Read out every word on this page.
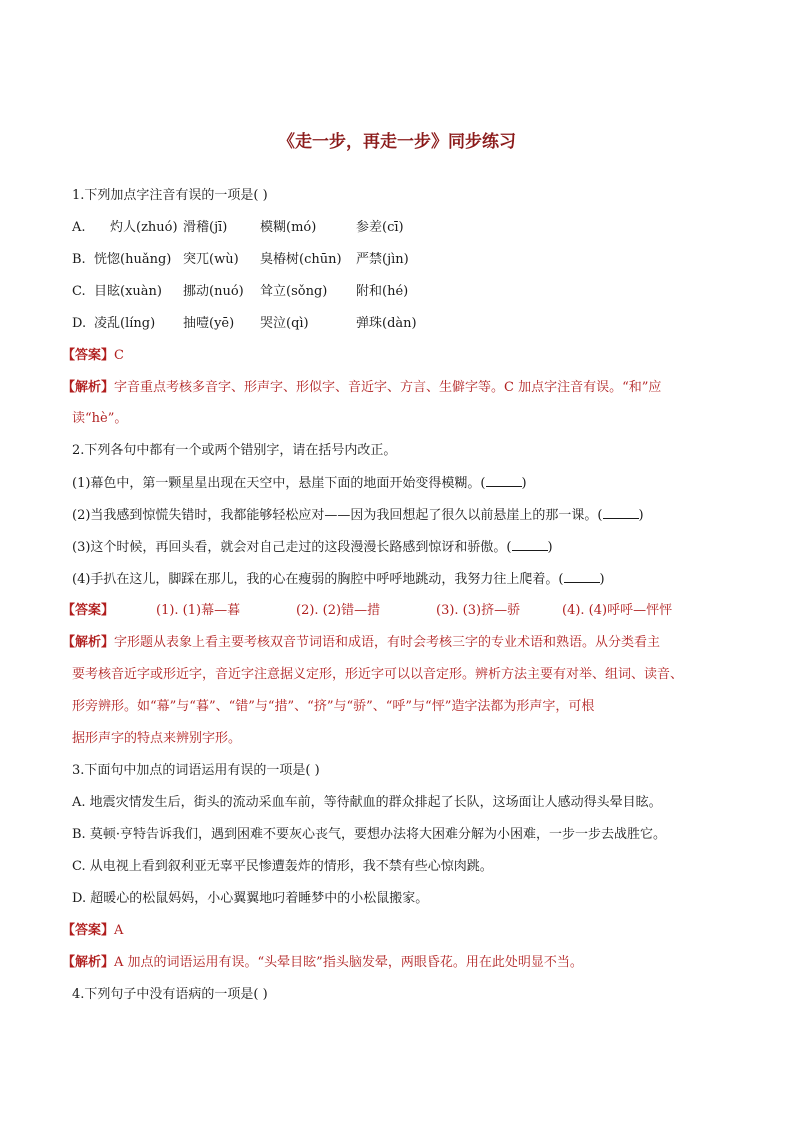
《走一步，再走一步》同步练习
1.下列加点字注音有误的一项是( )
A. 灼人(zhuó) 滑稽(jī)	模糊(mó)	参差(cī)
B. 恍惚(huǎng) 突兀(wù) 臭椿树(chūn) 严禁(jìn)
C. 目眩(xuàn) 挪动(nuó) 耸立(sǒng) 附和(hé)
D. 凌乱(líng) 抽噎(yē) 哭泣(qì)	弹珠(dàn)
【答案】C
【解析】字音重点考核多音字、形声字、形似字、音近字、方言、生僻字等。C 加点字注音有误。“和”应
读“hè”。
2.下列各句中都有一个或两个错别字，请在括号内改正。
(1)幕色中，第一颗星星出现在天空中，悬崖下面的地面开始变得模糊。(	)
(2)当我感到惊慌失错时，我都能够轻松应对——因为我回想起了很久以前悬崖上的那一课。(	)
(3)这个时候，再回头看，就会对自己走过的这段漫漫长路感到惊讶和骄傲。(	)
(4)手扒在这儿，脚踩在那儿，我的心在瘦弱的胸腔中呼呼地跳动，我努力往上爬着。(	)
【答案】	(1). (1)幕—暮	(2). (2)错—措	(3). (3)挤—骄	(4). (4)呼呼—怦怦
【解析】字形题从表象上看主要考核双音节词语和成语，有时会考核三字的专业术语和熟语。从分类看主
要考核音近字或形近字，音近字注意据义定形，形近字可以以音定形。辨析方法主要有对举、组词、读音、
形旁辨形。如“幕”与“暮”、“错”与“措”、“挤”与“骄”、“呼”与“怦”造字法都为形声字，可根
据形声字的特点来辨别字形。
3.下面句中加点的词语运用有误的一项是( )
A. 地震灾情发生后，街头的流动采血车前，等待献血的群众排起了长队，这场面让人感动得头晕目眩。
B. 莫顿·亨特告诉我们，遇到困难不要灰心丧气，要想办法将大困难分解为小困难，一步一步去战胜它。
C. 从电视上看到叙利亚无辜平民惨遭轰炸的情形，我不禁有些心惊肉跳。
D. 超暖心的松鼠妈妈，小心翼翼地叼着睡梦中的小松鼠搬家。
【答案】A
【解析】A 加点的词语运用有误。“头晕目眩”指头脑发晕，两眼昏花。用在此处明显不当。
4.下列句子中没有语病的一项是( )
